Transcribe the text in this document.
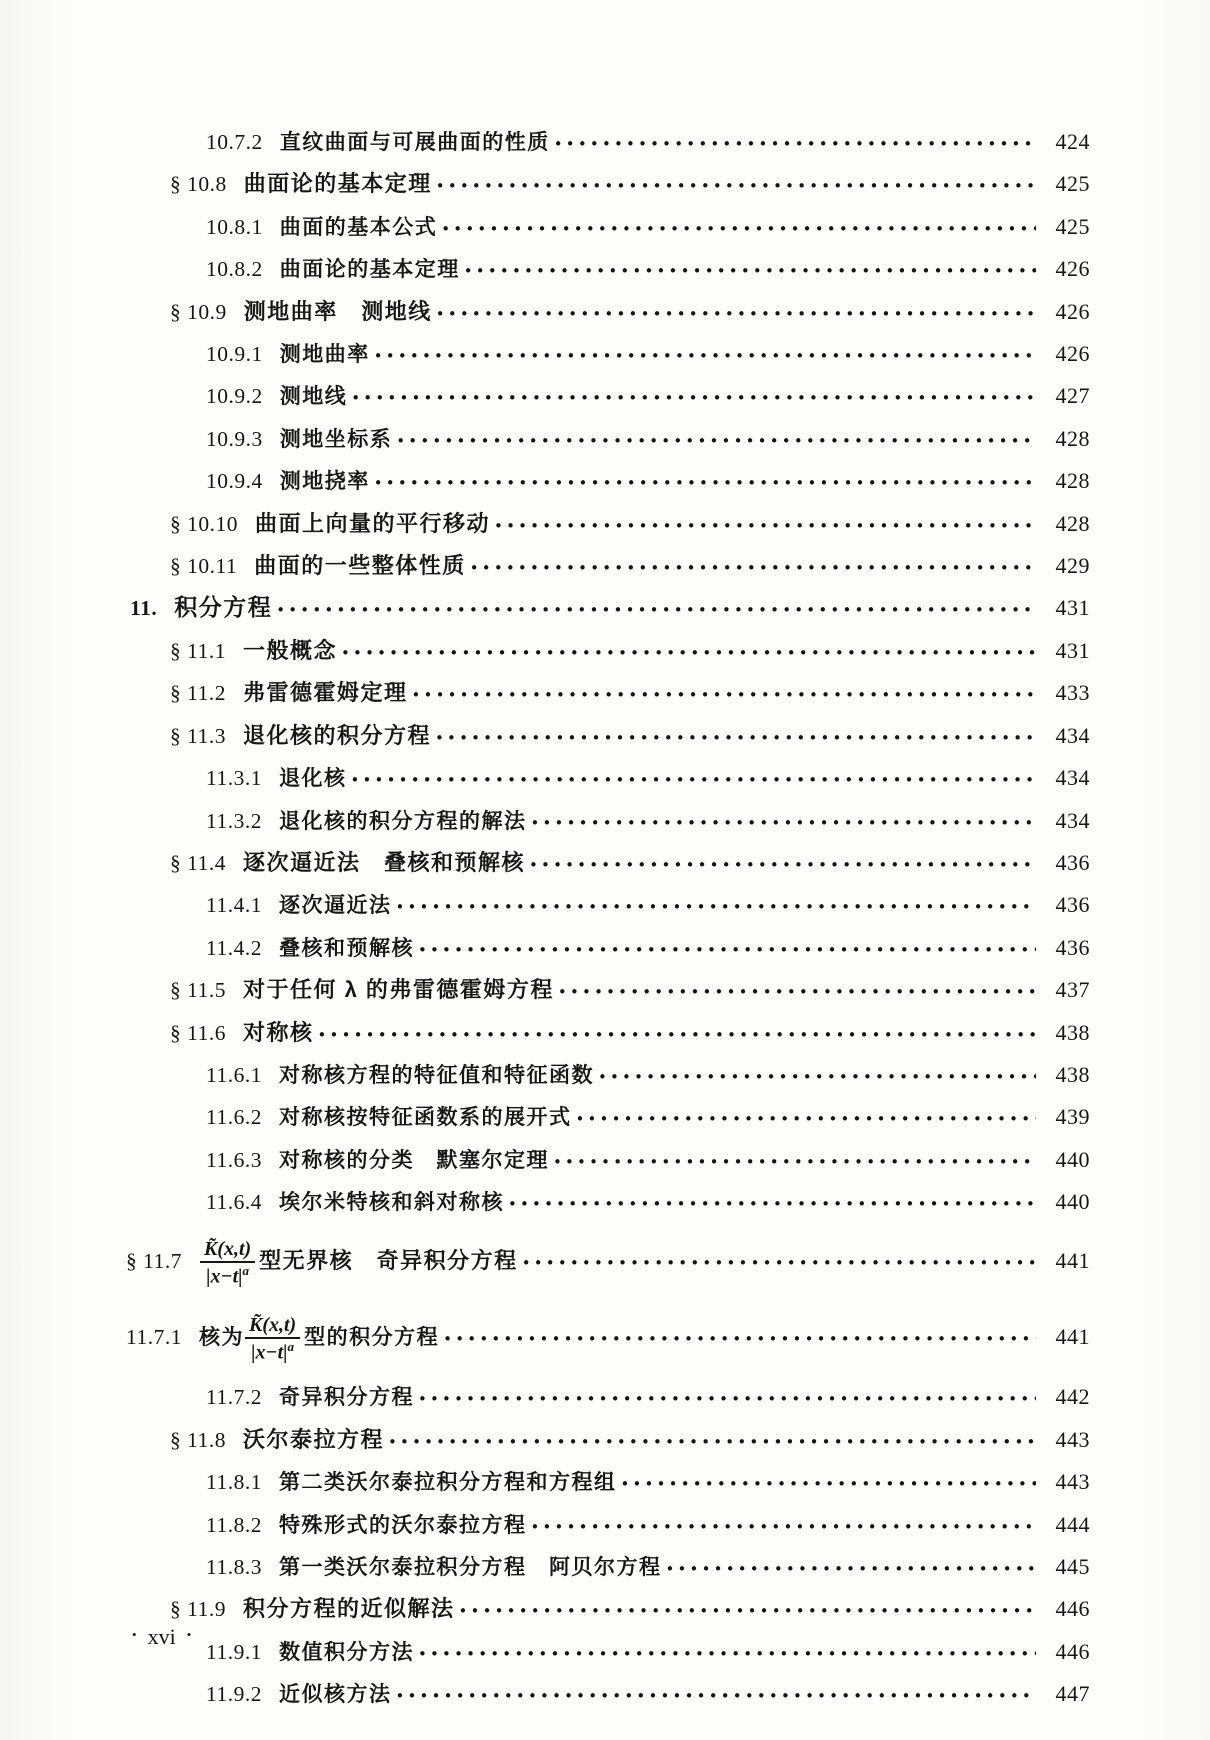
10.7.2 直纹曲面与可展曲面的性质 •••••	424
§ 10.8 曲面论的基本定理 •••••	425
10.8.1 曲面的基本公式 •••••	425
10.8.2 曲面论的基本定理 •••••	426
§ 10.9 测地曲率　测地线 •••••	426
10.9.1 测地曲率 •••••	426
10.9.2 测地线 •••••	427
10.9.3 测地坐标系 •••••	428
10.9.4 测地挠率 •••••	428
§ 10.10 曲面上向量的平行移动 •••••	428
§ 10.11 曲面的一些整体性质 •••••	429
11. 积分方程 •••••	431
§ 11.1 一般概念 •••••	431
§ 11.2 弗雷德霍姆定理 •••••	433
§ 11.3 退化核的积分方程 •••••	434
11.3.1 退化核 •••••	434
11.3.2 退化核的积分方程的解法 •••••	434
§ 11.4 逐次逼近法　叠核和预解核 •••••	436
11.4.1 逐次逼近法 •••••	436
11.4.2 叠核和预解核 •••••	436
§ 11.5 对于任何 λ 的弗雷德霍姆方程 •••••	437
§ 11.6 对称核 •••••	438
11.6.1 对称核方程的特征值和特征函数 •••••	438
11.6.2 对称核按特征函数系的展开式 •••••	439
11.6.3 对称核的分类　默塞尔定理 •••••	440
11.6.4 埃尔米特核和斜对称核 •••••	440
§ $11.7 \frac{K̃(x,t)}{|x-t|^a}$ 型无界核　奇异积分方程 •••••	441
11.7.1 核为 $\frac{K̃(x,t)}{|x-t|^a}$ 型的积分方程 •••••	441
11.7.2 奇异积分方程 •••••	442
§ 11.8 沃尔泰拉方程 •••••	443
11.8.1 第二类沃尔泰拉积分方程和方程组 •••••	443
11.8.2 特殊形式的沃尔泰拉方程 •••••	444
11.8.3 第一类沃尔泰拉积分方程　阿贝尔方程 •••••	445
§ 11.9 积分方程的近似解法 •••••	446
11.9.1 数值积分方法 •••••	446
11.9.2 近似核方法 •••••	447
• xvi •
